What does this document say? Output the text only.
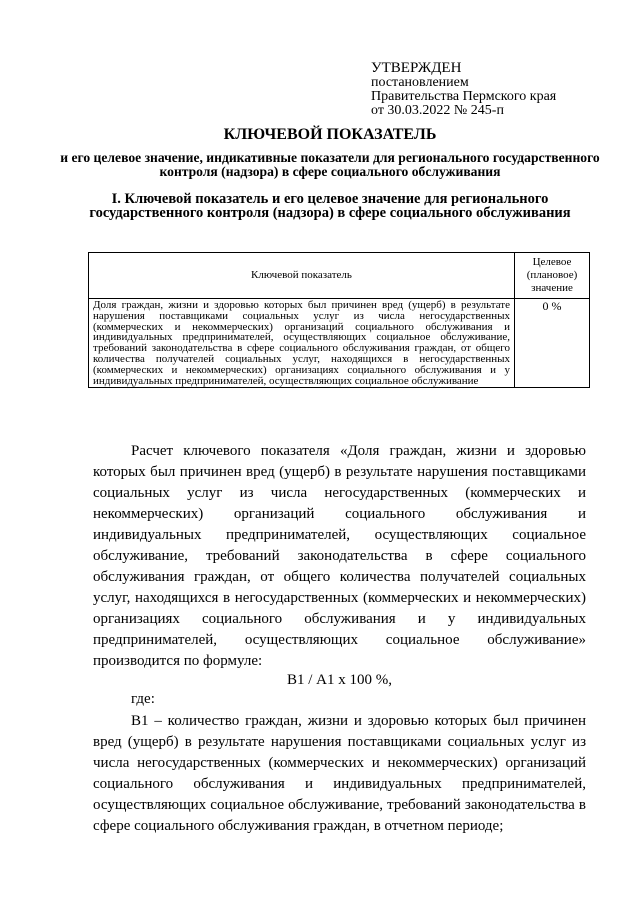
УТВЕРЖДЕН
постановлением
Правительства Пермского края
от 30.03.2022 № 245-п
КЛЮЧЕВОЙ ПОКАЗАТЕЛЬ
и его целевое значение, индикативные показатели для регионального государственного контроля (надзора) в сфере социального обслуживания
I. Ключевой показатель и его целевое значение для регионального государственного контроля (надзора) в сфере социального обслуживания
Ключевой показатель	Целевое (плановое) значение
Доля граждан, жизни и здоровью которых был причинен вред (ущерб) в результате нарушения поставщиками социальных услуг из числа негосударственных (коммерческих и некоммерческих) организаций социального обслуживания и индивидуальных предпринимателей, осуществляющих социальное обслуживание, требований законодательства в сфере социального обслуживания граждан, от общего количества получателей социальных услуг, находящихся в негосударственных (коммерческих и некоммерческих) организациях социального обслуживания и у индивидуальных предпринимателей, осуществляющих социальное обслуживание	0 %
Расчет ключевого показателя «Доля граждан, жизни и здоровью которых был причинен вред (ущерб) в результате нарушения поставщиками социальных услуг из числа негосударственных (коммерческих и некоммерческих) организаций социального обслуживания и индивидуальных предпринимателей, осуществляющих социальное обслуживание, требований законодательства в сфере социального обслуживания граждан, от общего количества получателей социальных услуг, находящихся в негосударственных (коммерческих и некоммерческих) организациях социального обслуживания и у индивидуальных предпринимателей, осуществляющих социальное обслуживание» производится по формуле:
В1 / А1 х 100 %,
где:
В1 – количество граждан, жизни и здоровью которых был причинен вред (ущерб) в результате нарушения поставщиками социальных услуг из числа негосударственных (коммерческих и некоммерческих) организаций социального обслуживания и индивидуальных предпринимателей, осуществляющих социальное обслуживание, требований законодательства в сфере социального обслуживания граждан, в отчетном периоде;
